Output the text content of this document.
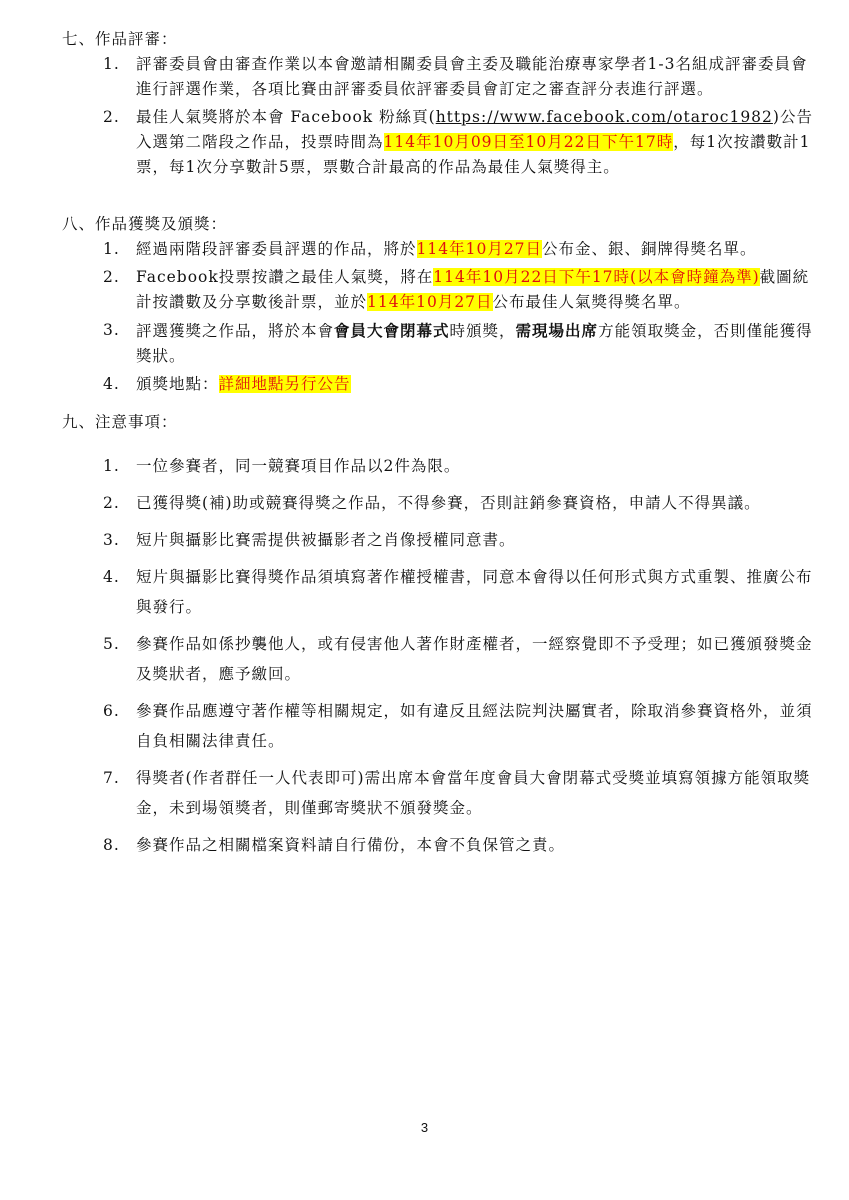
七、作品評審：

1. 評審委員會由審查作業以本會邀請相關委員會主委及職能治療專家學者1-3名組成評審委員會進行評選作業，各項比賽由評審委員依評審委員會訂定之審查評分表進行評選。
2. 最佳人氣獎將於本會 Facebook 粉絲頁(https://www.facebook.com/otaroc1982)公告入選第二階段之作品，投票時間為114年10月09日至10月22日下午17時，每1次按讚數計1票，每1次分享數計5票，票數合計最高的作品為最佳人氣獎得主。

八、作品獲獎及頒獎：

1. 經過兩階段評審委員評選的作品，將於114年10月27日公布金、銀、銅牌得獎名單。
2. Facebook投票按讚之最佳人氣獎，將在114年10月22日下午17時(以本會時鐘為準)截圖統計按讚數及分享數後計票，並於114年10月27日公布最佳人氣獎得獎名單。
3. 評選獲獎之作品，將於本會會員大會閉幕式時頒獎，需現場出席方能領取獎金，否則僅能獲得獎狀。
4. 頒獎地點：詳細地點另行公告

九、注意事項：

1. 一位參賽者，同一競賽項目作品以2件為限。
2. 已獲得獎(補)助或競賽得獎之作品，不得參賽，否則註銷參賽資格，申請人不得異議。
3. 短片與攝影比賽需提供被攝影者之肖像授權同意書。
4. 短片與攝影比賽得獎作品須填寫著作權授權書，同意本會得以任何形式與方式重製、推廣公布與發行。
5. 參賽作品如係抄襲他人，或有侵害他人著作財產權者，一經察覺即不予受理；如已獲頒發獎金及獎狀者，應予繳回。
6. 參賽作品應遵守著作權等相關規定，如有違反且經法院判決屬實者，除取消參賽資格外，並須自負相關法律責任。
7. 得獎者(作者群任一人代表即可)需出席本會當年度會員大會閉幕式受獎並填寫領據方能領取獎金，未到場領獎者，則僅郵寄獎狀不頒發獎金。
8. 參賽作品之相關檔案資料請自行備份，本會不負保管之責。
3
